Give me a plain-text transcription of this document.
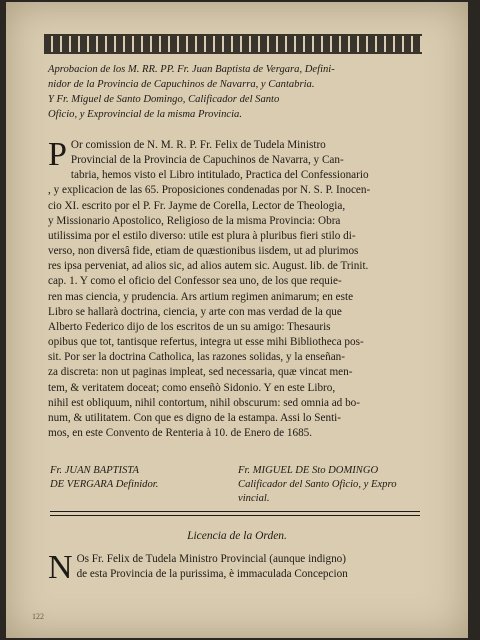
Aprobacion de los M. RR. PP. Fr. Juan Baptista de Vergara, Defini-
nidor de la Provincia de Capuchinos de Navarra, y Cantabria.
Y Fr. Miguel de Santo Domingo, Calificador del Santo
Oficio, y Exprovincial de la misma Provincia.
P Or comission de N. M. R. P. Fr. Felix de Tudela Ministro
Provincial de la Provincia de Capuchinos de Navarra, y Can-
tabria, hemos visto el Libro intitulado, Practica del Confessionario
, y explicacion de las 65. Proposiciones condenadas por N. S. P. Inocen-
cio XI. escrito por el P. Fr. Jayme de Corella, Lector de Theologia,
y Missionario Apostolico, Religioso de la misma Provincia: Obra
utilissima por el estilo diverso: utile est plura à pluribus fieri stilo di-
verso, non diversâ fide, etiam de quæstionibus iisdem, ut ad plurimos
res ipsa perveniat, ad alios sic, ad alios autem sic. August. lib. de Trinit.
cap. 1. Y como el oficio del Confessor sea uno, de los que requie-
ren mas ciencia, y prudencia. Ars artium regimen animarum; en este
Libro se hallarà doctrina, ciencia, y arte con mas verdad de la que
Alberto Federico dijo de los escritos de un su amigo: Thesauris
opibus que tot, tantisque refertus, integra ut esse mihi Bibliotheca pos-
sit. Por ser la doctrina Catholica, las razones solidas, y la enseñan-
za discreta: non ut paginas impleat, sed necessaria, quæ vincat men-
tem, & veritatem doceat; como enseñò Sidonio. Y en este Libro,
nihil est obliquum, nihil contortum, nihil obscurum: sed omnia ad bo-
num, & utilitatem. Con que es digno de la estampa. Assi lo Senti-
mos, en este Convento de Renteria à 10. de Enero de 1685.
Fr. JUAN BAPTISTA
DE VERGARA Definidor.
Fr. MIGUEL DE Sto DOMINGO
Calificador del Santo Oficio, y Expro
vincial.
Licencia de la Orden.
N Os Fr. Felix de Tudela Ministro Provincial (aunque indigno)
de esta Provincia de la purissima, è immaculada Concepcion
122
